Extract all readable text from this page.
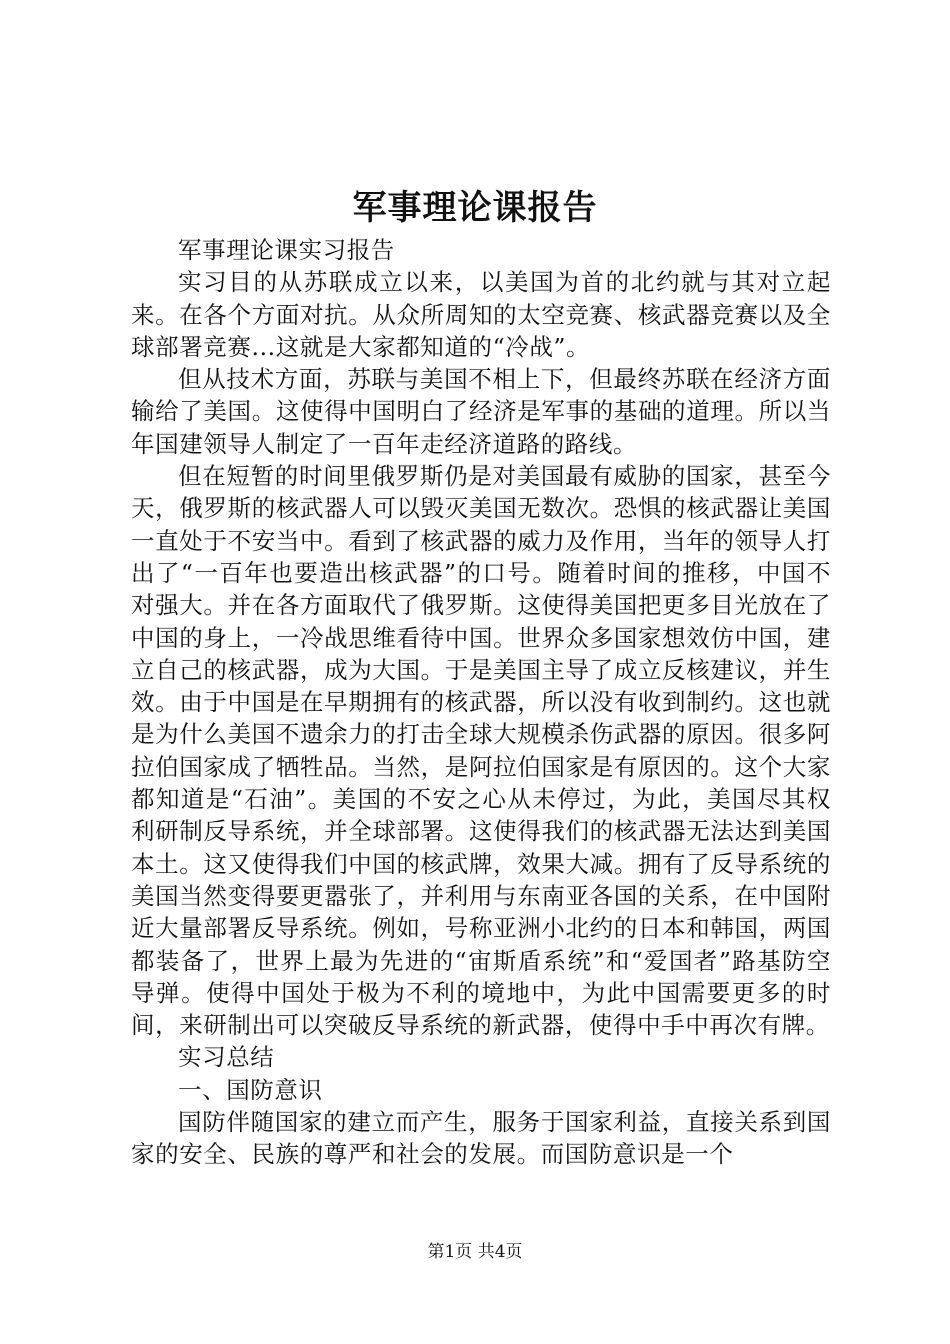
军事理论课报告

军事理论课实习报告

实习目的从苏联成立以来，以美国为首的北约就与其对立起来。在各个方面对抗。从众所周知的太空竞赛、核武器竞赛以及全球部署竞赛...这就是大家都知道的“冷战”。

但从技术方面，苏联与美国不相上下，但最终苏联在经济方面输给了美国。这使得中国明白了经济是军事的基础的道理。所以当年国建领导人制定了一百年走经济道路的路线。

但在短暂的时间里俄罗斯仍是对美国最有威胁的国家，甚至今天，俄罗斯的核武器人可以毁灭美国无数次。恐惧的核武器让美国一直处于不安当中。看到了核武器的威力及作用，当年的领导人打出了“一百年也要造出核武器”的口号。随着时间的推移，中国不对强大。并在各方面取代了俄罗斯。这使得美国把更多目光放在了中国的身上，一冷战思维看待中国。世界众多国家想效仿中国，建立自己的核武器，成为大国。于是美国主导了成立反核建议，并生效。由于中国是在早期拥有的核武器，所以没有收到制约。这也就是为什么美国不遗余力的打击全球大规模杀伤武器的原因。很多阿拉伯国家成了牺牲品。当然，是阿拉伯国家是有原因的。这个大家都知道是“石油”。美国的不安之心从未停过，为此，美国尽其权利研制反导系统，并全球部署。这使得我们的核武器无法达到美国本土。这又使得我们中国的核武牌，效果大减。拥有了反导系统的美国当然变得要更嚣张了，并利用与东南亚各国的关系，在中国附近大量部署反导系统。例如，号称亚洲小北约的日本和韩国，两国都装备了，世界上最为先进的“宙斯盾系统”和“爱国者”路基防空导弹。使得中国处于极为不利的境地中，为此中国需要更多的时间，来研制出可以突破反导系统的新武器，使得中手中再次有牌。

实习总结

一、国防意识

国防伴随国家的建立而产生，服务于国家利益，直接关系到国家的安全、民族的尊严和社会的发展。而国防意识是一个

第1页 共4页
